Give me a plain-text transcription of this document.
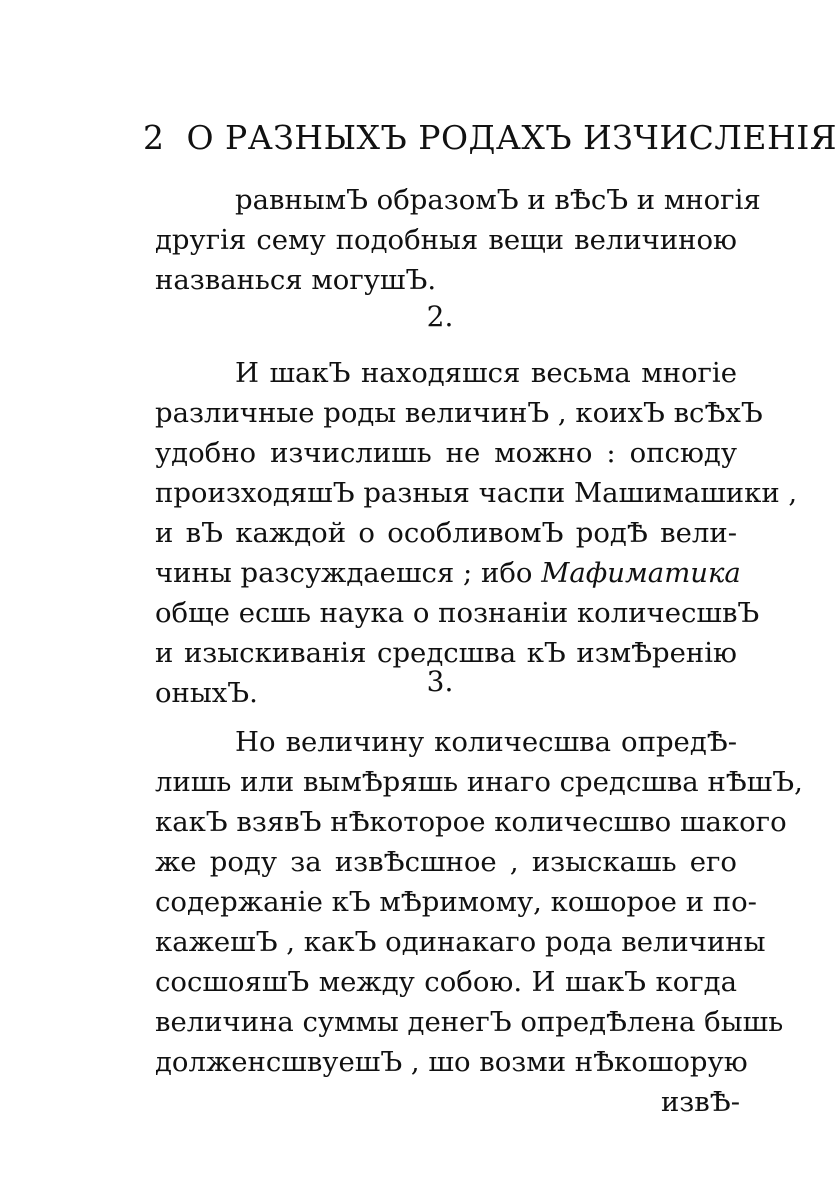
2 О РАЗНЫХЪ РОДАХЪ ИЗЧИСЛЕНІЯ
равнымЪ образомЪ и вѢсЪ и многія
другія сему подобныя вещи величиною
названься могушЪ.
2.
И шакЪ находяшся весьма многіе
различные роды величинЪ , коихЪ всѢхЪ
удобно изчислишь не можно : опсюду
произходяшЪ разныя часпи Машимашики ,
и вЪ каждой о особливомЪ родѢ вели-
чины разсуждаешся ; ибо Мафиматика
обще есшь наука о познаніи количесшвЪ
и изыскиванія средсшва кЪ измѢренію
оныхЪ.	3.
Но величину количесшва опредѢ-
лишь или вымѢряшь инаго средсшва нѢшЪ,
какЪ взявЪ нѢкоторое количесшво шакого
же роду за извѢсшное , изыскашь его
содержаніе кЪ мѢримому, кошорое и по-
кажешЪ , какЪ одинакаго рода величины
сосшояшЪ между собою. И шакЪ когда
величина суммы денегЪ опредѢлена бышь
долженсшвуешЪ , шо возми нѢкошорую
извѢ-
